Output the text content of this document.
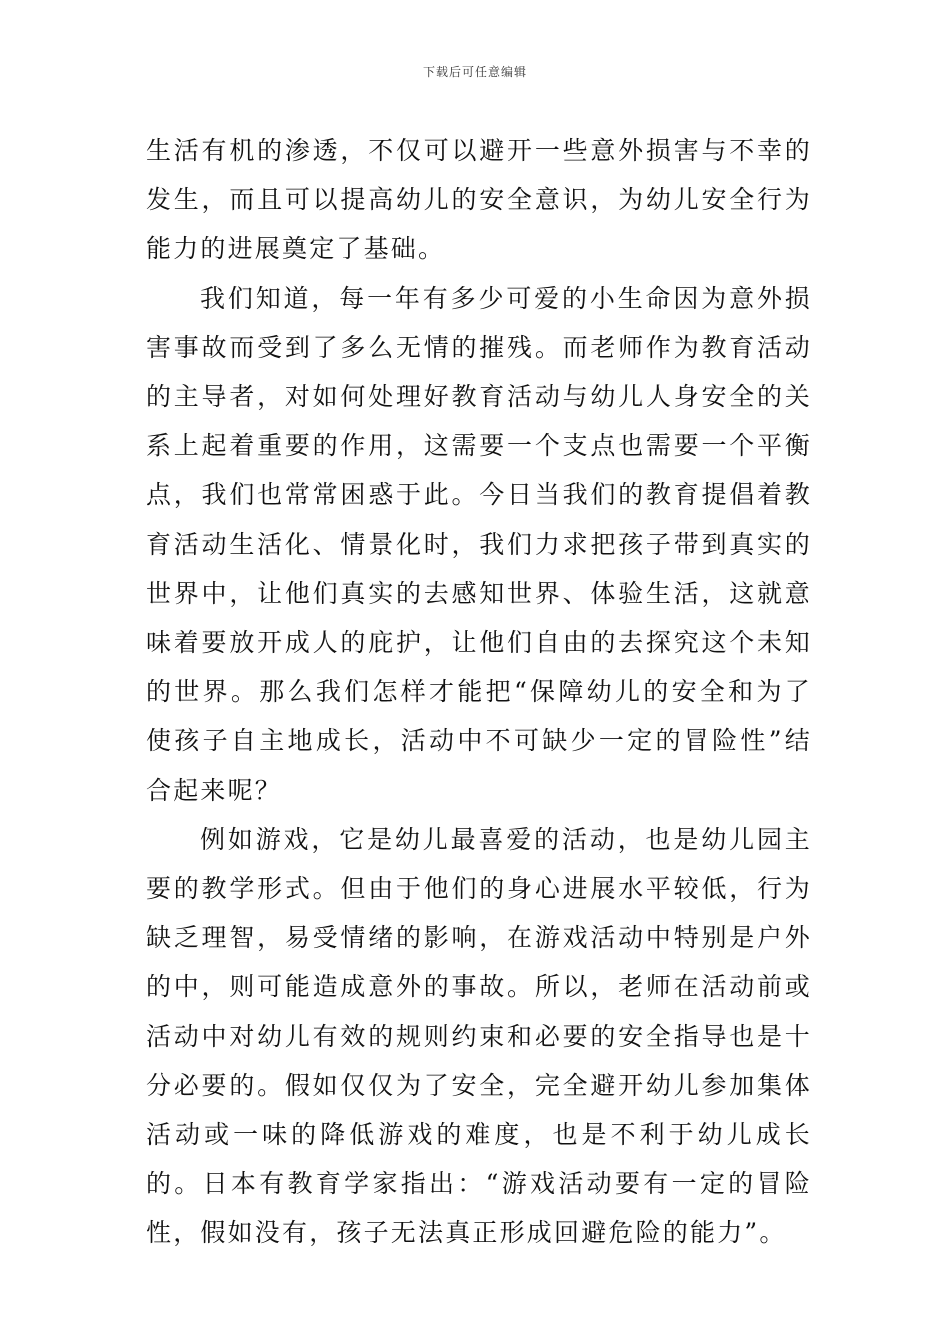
下载后可任意编辑

生活有机的渗透，不仅可以避开一些意外损害与不幸的发生，而且可以提高幼儿的安全意识，为幼儿安全行为能力的进展奠定了基础。

我们知道，每一年有多少可爱的小生命因为意外损害事故而受到了多么无情的摧残。而老师作为教育活动的主导者，对如何处理好教育活动与幼儿人身安全的关系上起着重要的作用，这需要一个支点也需要一个平衡点，我们也常常困惑于此。今日当我们的教育提倡着教育活动生活化、情景化时，我们力求把孩子带到真实的世界中，让他们真实的去感知世界、体验生活，这就意味着要放开成人的庇护，让他们自由的去探究这个未知的世界。那么我们怎样才能把“保障幼儿的安全和为了使孩子自主地成长，活动中不可缺少一定的冒险性”结合起来呢？

例如游戏，它是幼儿最喜爱的活动，也是幼儿园主要的教学形式。但由于他们的身心进展水平较低，行为缺乏理智，易受情绪的影响，在游戏活动中特别是户外的中，则可能造成意外的事故。所以，老师在活动前或活动中对幼儿有效的规则约束和必要的安全指导也是十分必要的。假如仅仅为了安全，完全避开幼儿参加集体活动或一味的降低游戏的难度，也是不利于幼儿成长的。日本有教育学家指出：“游戏活动要有一定的冒险性，假如没有，孩子无法真正形成回避危险的能力”。
